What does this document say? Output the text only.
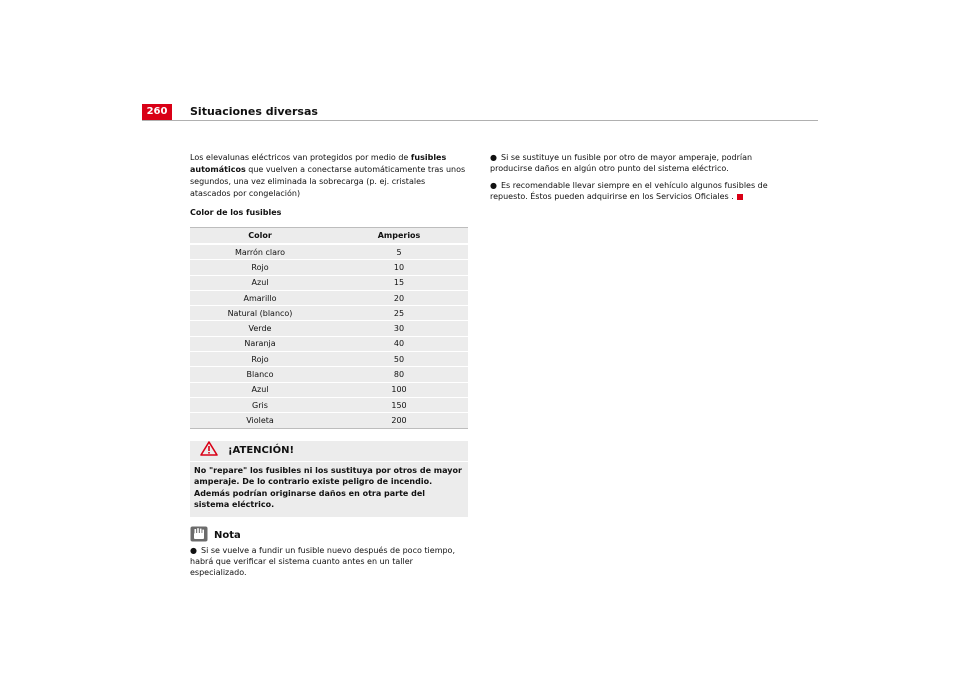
260	Situaciones diversas

Los elevalunas eléctricos van protegidos por medio de fusibles automáticos que vuelven a conectarse automáticamente tras unos segundos, una vez eliminada la sobrecarga (p. ej. cristales atascados por congelación)

Color de los fusibles
Color	Amperios
Marrón claro	5
Rojo	10
Azul	15
Amarillo	20
Natural (blanco)	25
Verde	30
Naranja	40
Rojo	50
Blanco	80
Azul	100
Gris	150
Violeta	200
¡ATENCIÓN!
No "repare" los fusibles ni los sustituya por otros de mayor amperaje. De lo contrario existe peligro de incendio. Además podrían originarse daños en otra parte del sistema eléctrico.
Nota
● Si se vuelve a fundir un fusible nuevo después de poco tiempo, habrá que verificar el sistema cuanto antes en un taller especializado.
● Si se sustituye un fusible por otro de mayor amperaje, podrían producirse daños en algún otro punto del sistema eléctrico.
● Es recomendable llevar siempre en el vehículo algunos fusibles de repuesto. Éstos pueden adquirirse en los Servicios Oficiales .
